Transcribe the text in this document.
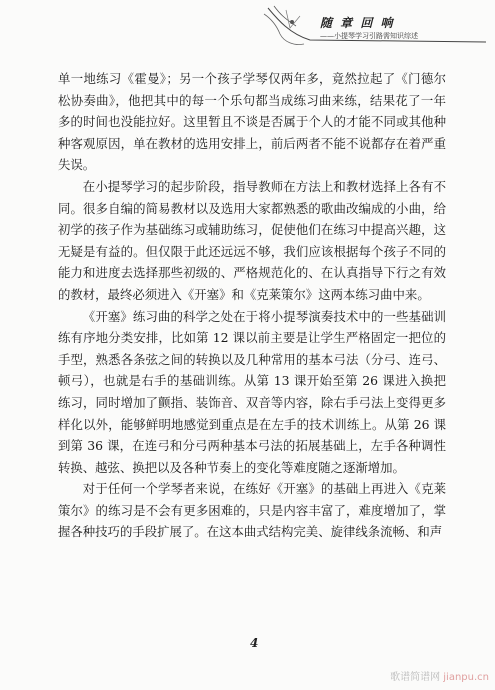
随 章 回 响
——小提琴学习引路需知识综述

单一地练习《霍曼》；另一个孩子学琴仅两年多，竟然拉起了《门德尔松协奏曲》，他把其中的每一个乐句都当成练习曲来练，结果花了一年多的时间也没能拉好。这里暂且不谈是否属于个人的才能不同或其他种种客观原因，单在教材的选用安排上，前后两者不能不说都存在着严重失误。

在小提琴学习的起步阶段，指导教师在方法上和教材选择上各有不同。很多自编的简易教材以及选用大家都熟悉的歌曲改编成的小曲，给初学的孩子作为基础练习或辅助练习，促使他们在练习中提高兴趣，这无疑是有益的。但仅限于此还远远不够，我们应该根据每个孩子不同的能力和进度去选择那些初级的、严格规范化的、在认真指导下行之有效的教材，最终必须进入《开塞》和《克莱策尔》这两本练习曲中来。

《开塞》练习曲的科学之处在于将小提琴演奏技术中的一些基础训练有序地分类安排，比如第 12 课以前主要是让学生严格固定一把位的手型，熟悉各条弦之间的转换以及几种常用的基本弓法（分弓、连弓、顿弓），也就是右手的基础训练。从第 13 课开始至第 26 课进入换把练习，同时增加了颤指、装饰音、双音等内容，除右手弓法上变得更多样化以外，能够鲜明地感觉到重点是在左手的技术训练上。从第 26 课到第 36 课，在连弓和分弓两种基本弓法的拓展基础上，左手各种调性转换、越弦、换把以及各种节奏上的变化等难度随之逐渐增加。

对于任何一个学琴者来说，在练好《开塞》的基础上再进入《克莱策尔》的练习是不会有更多困难的，只是内容丰富了，难度增加了，掌握各种技巧的手段扩展了。在这本曲式结构完美、旋律线条流畅、和声

4
歌谱简谱网 jianpu.cn
